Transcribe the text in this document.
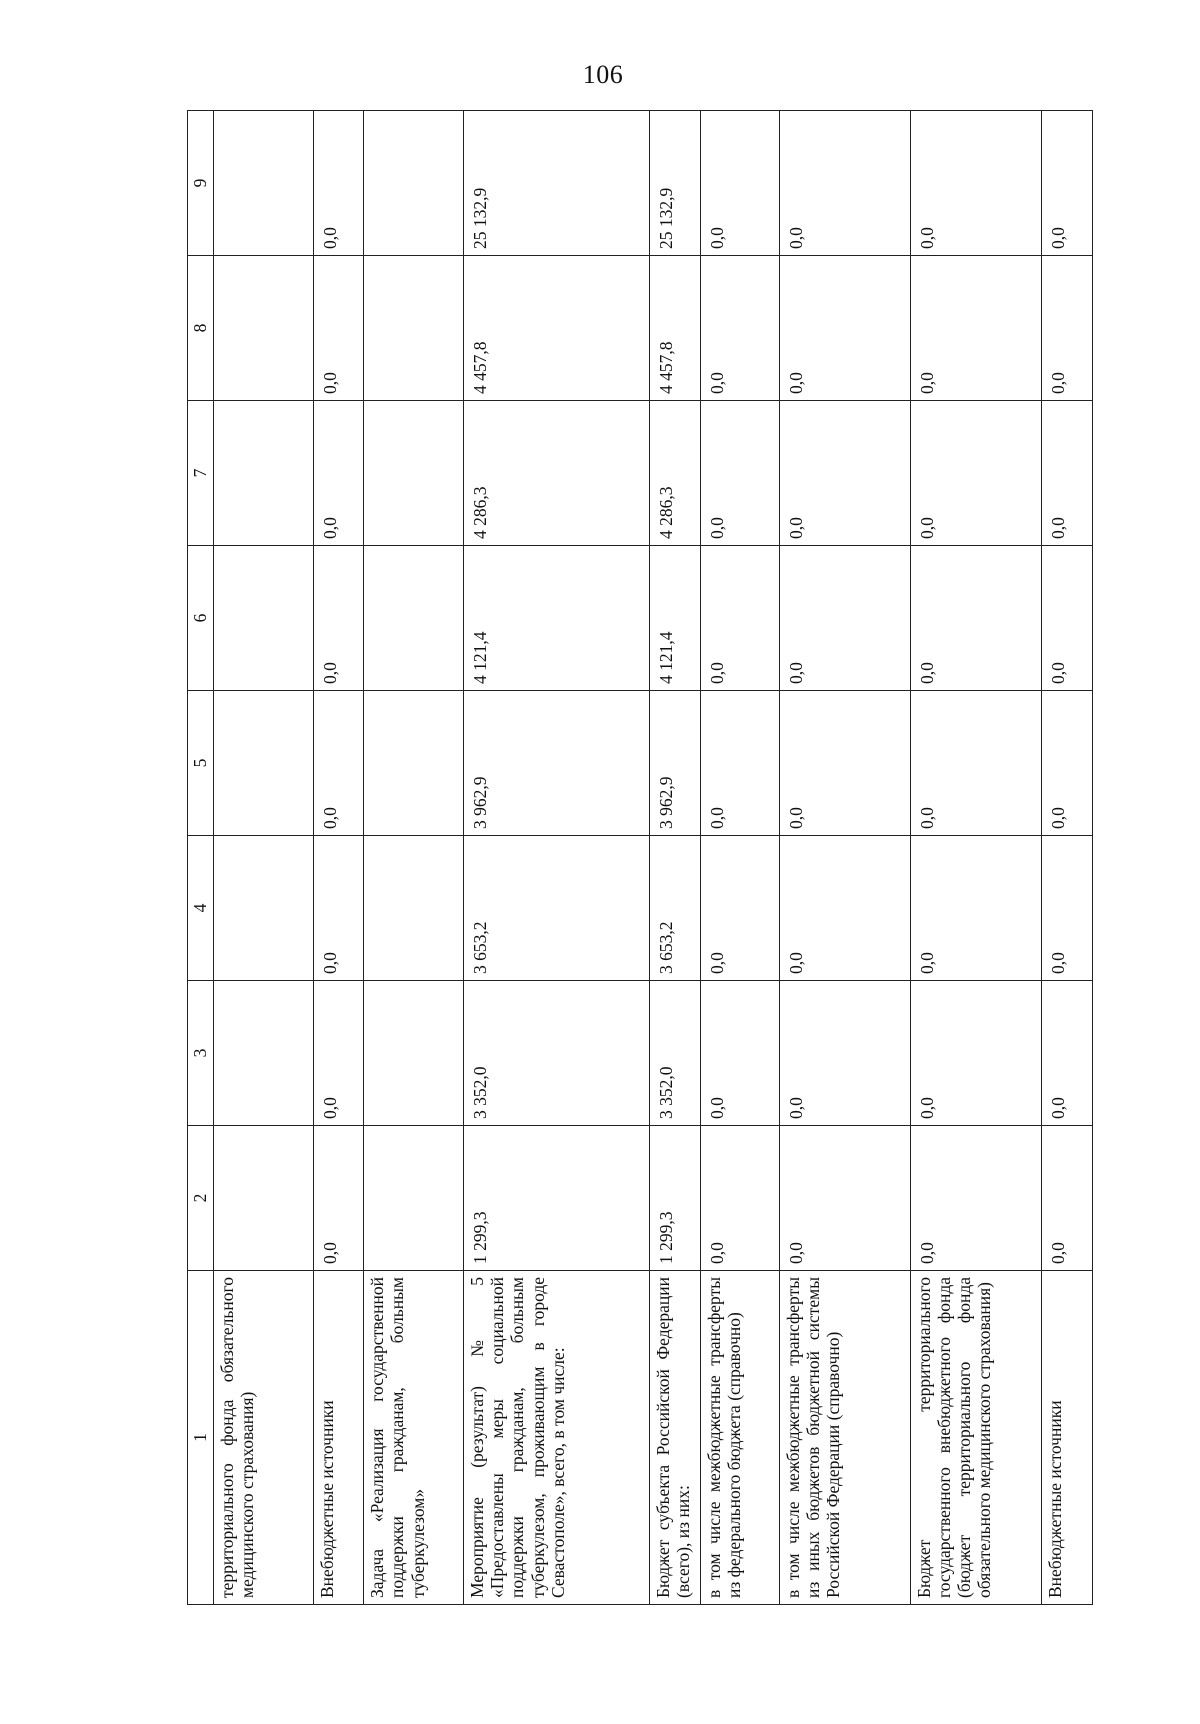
106
1	2	3	4	5	6	7	8	9
территориального фонда обязательного медицинского страхования)								
Внебюджетные источники	0,0	0,0	0,0	0,0	0,0	0,0	0,0	0,0
Задача «Реализация государственной поддержки гражданам, больным туберкулезом»								
Мероприятие (результат) № 5 «Предоставлены меры социальной поддержки гражданам, больным туберкулезом, проживающим в городе Севастополе», всего, в том числе:	1 299,3	3 352,0	3 653,2	3 962,9	4 121,4	4 286,3	4 457,8	25 132,9
Бюджет субъекта Российской Федерации (всего), из них:	1 299,3	3 352,0	3 653,2	3 962,9	4 121,4	4 286,3	4 457,8	25 132,9
в том числе межбюджетные трансферты из федерального бюджета (справочно)	0,0	0,0	0,0	0,0	0,0	0,0	0,0	0,0
в том числе межбюджетные трансферты из иных бюджетов бюджетной системы Российской Федерации (справочно)	0,0	0,0	0,0	0,0	0,0	0,0	0,0	0,0
Бюджет территориального государственного внебюджетного фонда (бюджет территориального фонда обязательного медицинского страхования)	0,0	0,0	0,0	0,0	0,0	0,0	0,0	0,0
Внебюджетные источники	0,0	0,0	0,0	0,0	0,0	0,0	0,0	0,0
